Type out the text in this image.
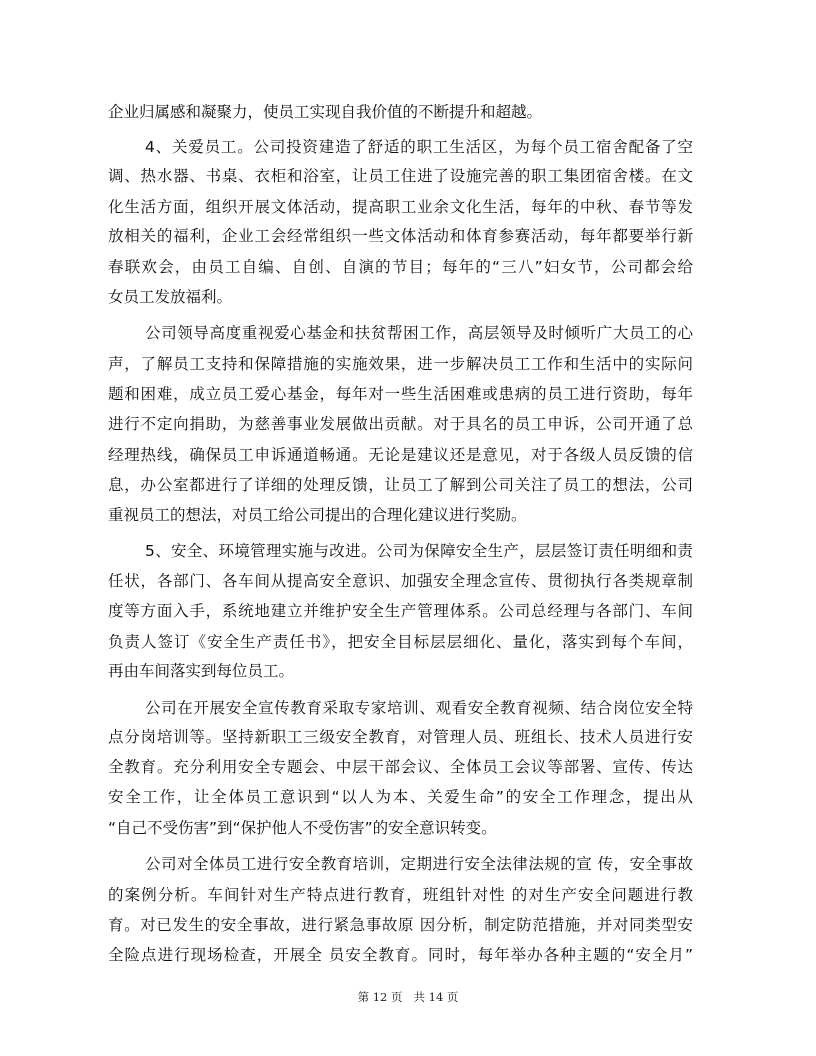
企业归属感和凝聚力，使员工实现自我价值的不断提升和超越。
4、关爱员工。公司投资建造了舒适的职工生活区，为每个员工宿舍配备了空
调、热水器、书桌、衣柜和浴室，让员工住进了设施完善的职工集团宿舍楼。在文
化生活方面，组织开展文体活动，提高职工业余文化生活，每年的中秋、春节等发
放相关的福利，企业工会经常组织一些文体活动和体育参赛活动，每年都要举行新
春联欢会，由员工自编、自创、自演的节目；每年的“三八”妇女节，公司都会给
女员工发放福利。
公司领导高度重视爱心基金和扶贫帮困工作，高层领导及时倾听广大员工的心
声，了解员工支持和保障措施的实施效果，进一步解决员工工作和生活中的实际问
题和困难，成立员工爱心基金，每年对一些生活困难或患病的员工进行资助，每年
进行不定向捐助，为慈善事业发展做出贡献。对于具名的员工申诉，公司开通了总
经理热线，确保员工申诉通道畅通。无论是建议还是意见，对于各级人员反馈的信
息，办公室都进行了详细的处理反馈，让员工了解到公司关注了员工的想法，公司
重视员工的想法，对员工给公司提出的合理化建议进行奖励。
5、安全、环境管理实施与改进。公司为保障安全生产，层层签订责任明细和责
任状，各部门、各车间从提高安全意识、加强安全理念宣传、贯彻执行各类规章制
度等方面入手，系统地建立并维护安全生产管理体系。公司总经理与各部门、车间
负责人签订《安全生产责任书》，把安全目标层层细化、量化，落实到每个车间，
再由车间落实到每位员工。
公司在开展安全宣传教育采取专家培训、观看安全教育视频、结合岗位安全特
点分岗培训等。坚持新职工三级安全教育，对管理人员、班组长、技术人员进行安
全教育。充分利用安全专题会、中层干部会议、全体员工会议等部署、宣传、传达
安全工作，让全体员工意识到“以人为本、关爱生命”的安全工作理念，提出从
“自己不受伤害”到“保护他人不受伤害”的安全意识转变。
公司对全体员工进行安全教育培训，定期进行安全法律法规的宣 传，安全事故
的案例分析。车间针对生产特点进行教育，班组针对性 的对生产安全问题进行教
育。对已发生的安全事故，进行紧急事故原 因分析，制定防范措施，并对同类型安
全险点进行现场检查，开展全 员安全教育。同时，每年举办各种主题的“安全月”
第 12 页   共 14 页
